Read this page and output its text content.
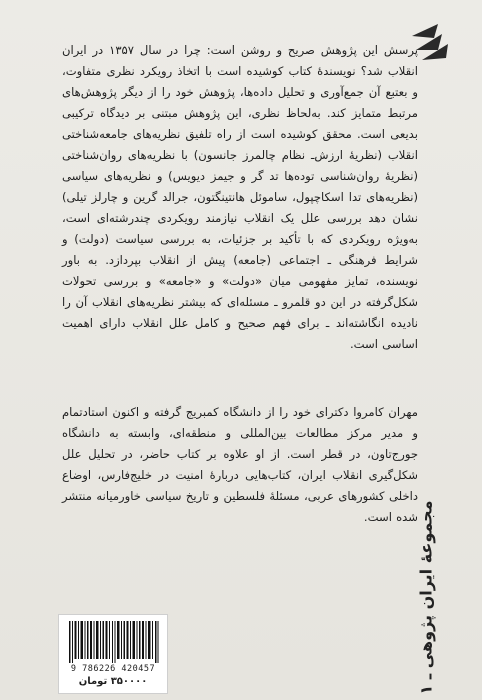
پرسش این پژوهش صریح و روشن است: چرا در سال ۱۳۵۷ در ایران انقلاب شد؟ نویسندهٔ کتاب کوشیده است با اتخاذ رویکرد نظری متفاوت، و بعتبع آن جمع‌آوری و تحلیل داده‌ها، پژوهش خود را از دیگر پژوهش‌های مرتبط متمایز کند. به‌لحاظ نظری، این پژوهش مبتنی بر دیدگاه ترکیبی بدیعی است. محقق کوشیده است از راه تلفیق نظریه‌های جامعه‌شناختی انقلاب (نظریهٔ ارزش‌ـ نظام چالمرز جانسون) با نظریه‌های روان‌شناختی (نظریهٔ روان‌شناسی توده‌ها تد گر و جیمز دیویس) و نظریه‌های سیاسی (نظریه‌های تدا اسکاچپول، ساموئل هانتینگتون، جرالد گرین و چارلز تیلی) نشان دهد بررسی علل یک انقلاب نیازمند رویکردی چندرشته‌ای است، به‌ویژه رویکردی که با تأکید بر جزئیات، به بررسی سیاست (دولت) و شرایط فرهنگی‌ ـ اجتماعی (جامعه) پیش از انقلاب بپردازد. به باور نویسنده، تمایز مفهومی میان «دولت» و «جامعه» و بررسی تحولات شکل‌گرفته در این دو قلمرو ـ مسئله‌ای که بیشتر نظریه‌های انقلاب آن را نادیده انگاشته‌اند ـ برای فهم صحیح و کامل علل انقلاب دارای اهمیت اساسی است.
مهران کامروا دکترای خود را از دانشگاه کمبریج گرفته و اکنون استادتمام و مدیر مرکز مطالعات بین‌المللی و منطقه‌ای، وابسته به دانشگاه جورج‌تاون، در قطر است. از او علاوه بر کتاب حاضر، در تحلیل علل شکل‌گیری انقلاب ایران، کتاب‌هایی دربارهٔ امنیت در خلیج‌فارس، اوضاع داخلی کشورهای عربی، مسئلهٔ فلسطین و تاریخ سیاسی خاورمیانه منتشر شده است.
مجموعهٔ ایران پژوهی ـ ۱
9 786226 420457
۳۵۰۰۰۰ تومان
